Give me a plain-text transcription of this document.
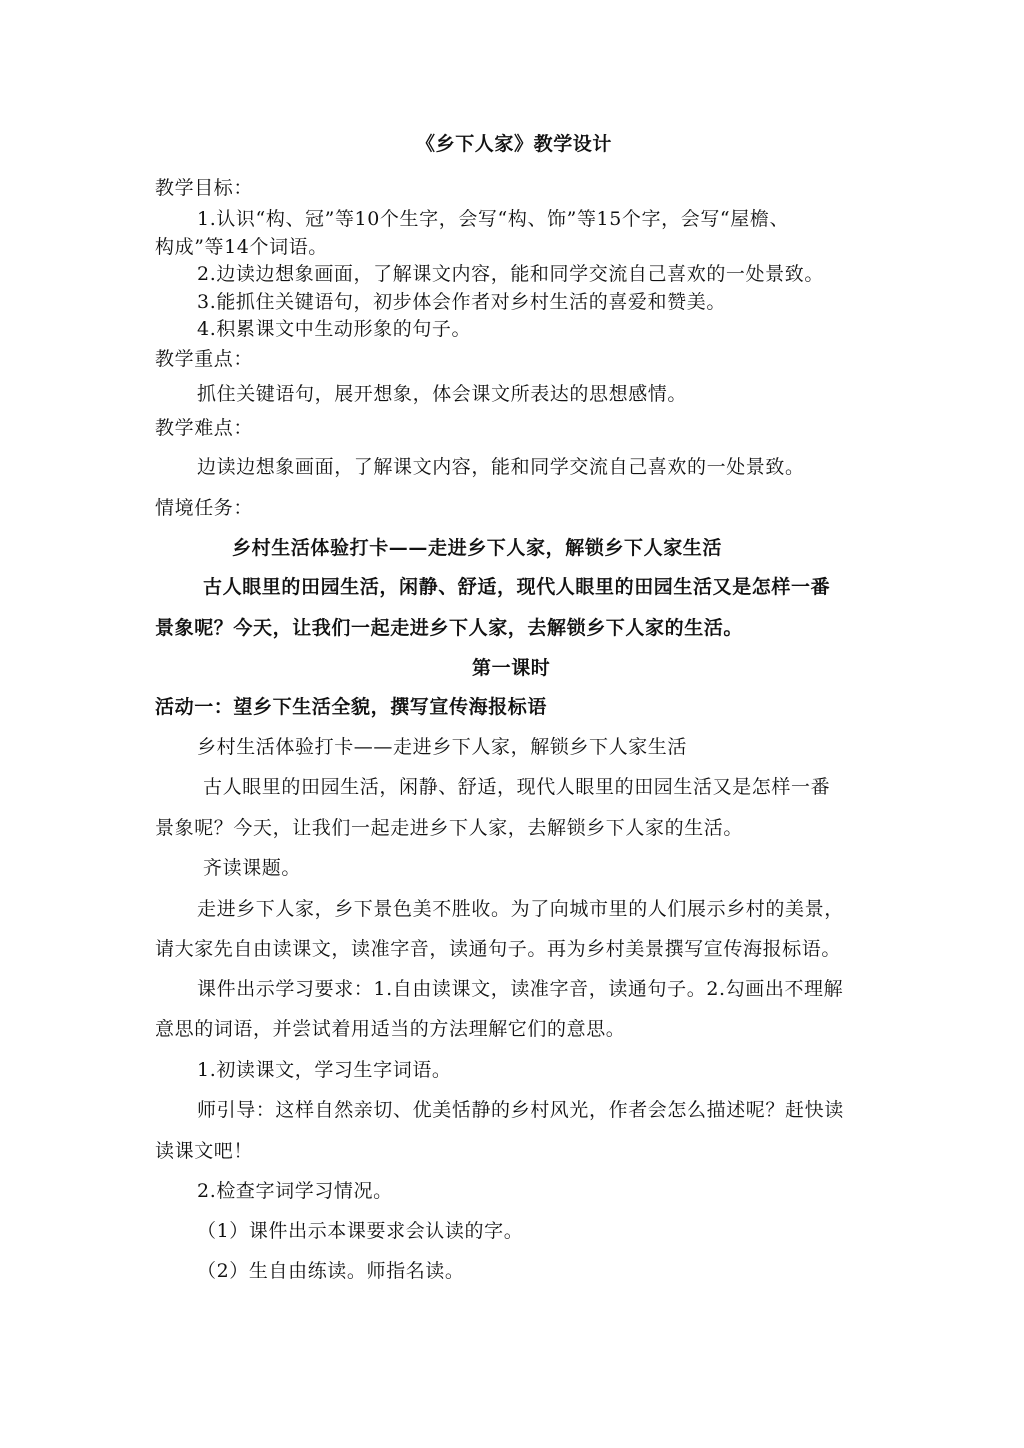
《乡下人家》教学设计
教学目标：
1.认识“构、冠”等10个生字，会写“构、饰”等15个字，会写“屋檐、
构成”等14个词语。
2.边读边想象画面，了解课文内容，能和同学交流自己喜欢的一处景致。
3.能抓住关键语句，初步体会作者对乡村生活的喜爱和赞美。
4.积累课文中生动形象的句子。
教学重点：
抓住关键语句，展开想象，体会课文所表达的思想感情。
教学难点：
边读边想象画面，了解课文内容，能和同学交流自己喜欢的一处景致。
情境任务：
乡村生活体验打卡——走进乡下人家，解锁乡下人家生活
古人眼里的田园生活，闲静、舒适，现代人眼里的田园生活又是怎样一番
景象呢？今天，让我们一起走进乡下人家，去解锁乡下人家的生活。
第一课时
活动一：望乡下生活全貌，撰写宣传海报标语
乡村生活体验打卡——走进乡下人家，解锁乡下人家生活
古人眼里的田园生活，闲静、舒适，现代人眼里的田园生活又是怎样一番
景象呢？今天，让我们一起走进乡下人家，去解锁乡下人家的生活。
齐读课题。
走进乡下人家，乡下景色美不胜收。为了向城市里的人们展示乡村的美景，
请大家先自由读课文，读准字音，读通句子。再为乡村美景撰写宣传海报标语。
课件出示学习要求：1.自由读课文，读准字音，读通句子。2.勾画出不理解
意思的词语，并尝试着用适当的方法理解它们的意思。
1.初读课文，学习生字词语。
师引导：这样自然亲切、优美恬静的乡村风光，作者会怎么描述呢？赶快读
读课文吧！
2.检查字词学习情况。
（1）课件出示本课要求会认读的字。
（2）生自由练读。师指名读。
